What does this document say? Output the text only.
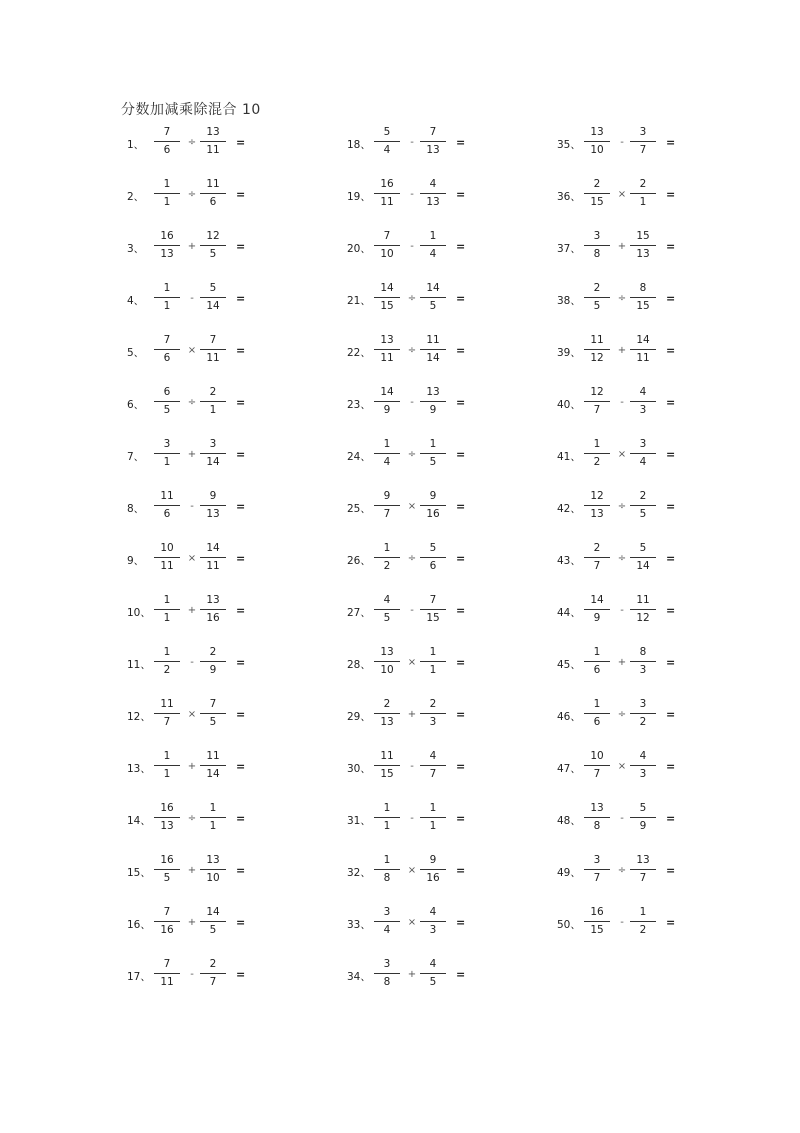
分数加减乘除混合 10
1、
7
6
÷
13
11
=
2、
1
1
÷
11
6
=
3、
16
13
+
12
5
=
4、
1
1
-
5
14
=
5、
7
6
×
7
11
=
6、
6
5
÷
2
1
=
7、
3
1
+
3
14
=
8、
11
6
-
9
13
=
9、
10
11
×
14
11
=
10、
1
1
+
13
16
=
11、
1
2
-
2
9
=
12、
11
7
×
7
5
=
13、
1
1
+
11
14
=
14、
16
13
÷
1
1
=
15、
16
5
+
13
10
=
16、
7
16
+
14
5
=
17、
7
11
-
2
7
=
18、
5
4
-
7
13
=
19、
16
11
-
4
13
=
20、
7
10
-
1
4
=
21、
14
15
÷
14
5
=
22、
13
11
÷
11
14
=
23、
14
9
-
13
9
=
24、
1
4
÷
1
5
=
25、
9
7
×
9
16
=
26、
1
2
÷
5
6
=
27、
4
5
-
7
15
=
28、
13
10
×
1
1
=
29、
2
13
+
2
3
=
30、
11
15
-
4
7
=
31、
1
1
-
1
1
=
32、
1
8
×
9
16
=
33、
3
4
×
4
3
=
34、
3
8
+
4
5
=
35、
13
10
-
3
7
=
36、
2
15
×
2
1
=
37、
3
8
+
15
13
=
38、
2
5
÷
8
15
=
39、
11
12
+
14
11
=
40、
12
7
-
4
3
=
41、
1
2
×
3
4
=
42、
12
13
÷
2
5
=
43、
2
7
÷
5
14
=
44、
14
9
-
11
12
=
45、
1
6
+
8
3
=
46、
1
6
÷
3
2
=
47、
10
7
×
4
3
=
48、
13
8
-
5
9
=
49、
3
7
÷
13
7
=
50、
16
15
-
1
2
=
